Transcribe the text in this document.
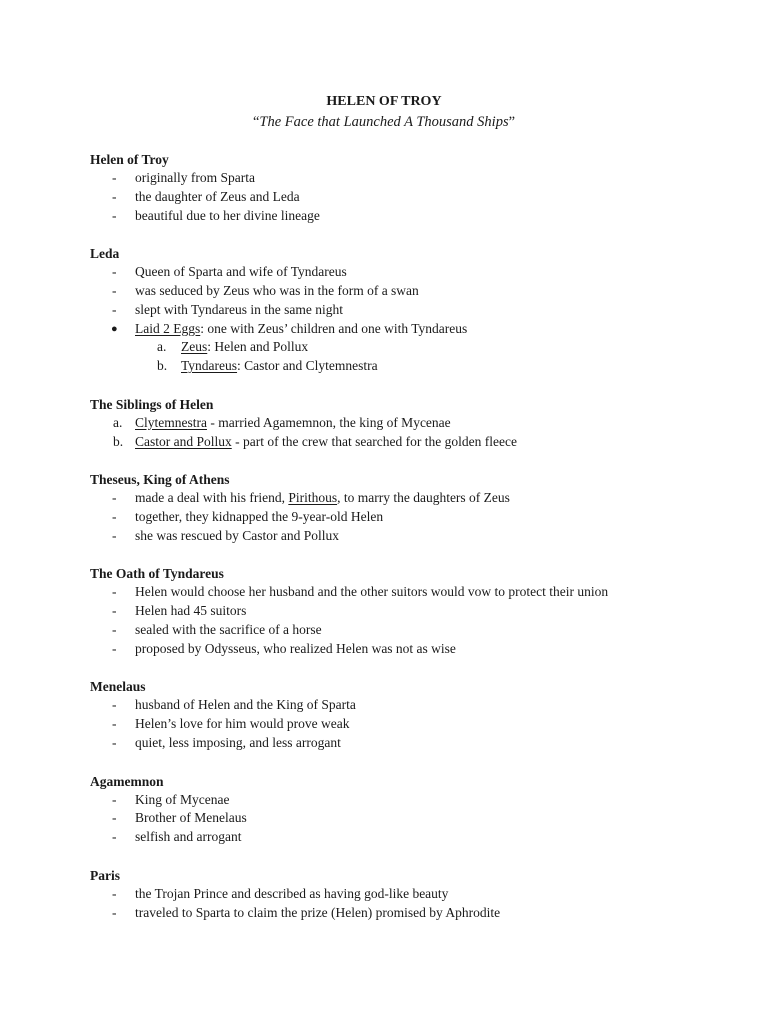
HELEN OF TROY
“The Face that Launched A Thousand Ships”
Helen of Troy
-	originally from Sparta
-	the daughter of Zeus and Leda
-	beautiful due to her divine lineage
Leda
-	Queen of Sparta and wife of Tyndareus
-	was seduced by Zeus who was in the form of a swan
-	slept with Tyndareus in the same night
● Laid 2 Eggs: one with Zeus’ children and one with Tyndareus
a.	Zeus: Helen and Pollux
b.	Tyndareus: Castor and Clytemnestra
The Siblings of Helen
a. Clytemnestra - married Agamemnon, the king of Mycenae
b. Castor and Pollux - part of the crew that searched for the golden fleece
Theseus, King of Athens
-	made a deal with his friend, Pirithous, to marry the daughters of Zeus
-	together, they kidnapped the 9-year-old Helen
-	she was rescued by Castor and Pollux
The Oath of Tyndareus
-	Helen would choose her husband and the other suitors would vow to protect their union
-	Helen had 45 suitors
-	sealed with the sacrifice of a horse
-	proposed by Odysseus, who realized Helen was not as wise
Menelaus
-	husband of Helen and the King of Sparta
-	Helen’s love for him would prove weak
-	quiet, less imposing, and less arrogant
Agamemnon
-	King of Mycenae
-	Brother of Menelaus
-	selfish and arrogant
Paris
-	the Trojan Prince and described as having god-like beauty
-	traveled to Sparta to claim the prize (Helen) promised by Aphrodite
